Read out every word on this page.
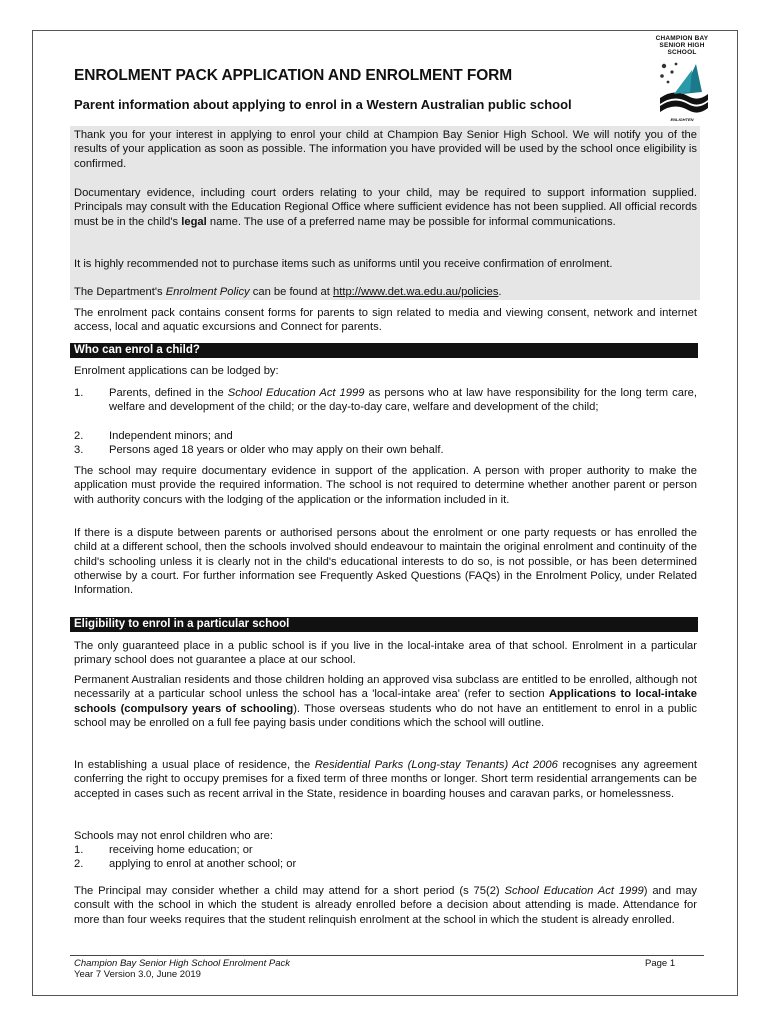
CHAMPION BAY
SENIOR HIGH SCHOOL
ENLIGHTEN
ENROLMENT PACK APPLICATION AND ENROLMENT FORM
Parent information about applying to enrol in a Western Australian public school

Thank you for your interest in applying to enrol your child at Champion Bay Senior High School. We will notify you of the results of your application as soon as possible. The information you have provided will be used by the school once eligibility is confirmed.

Documentary evidence, including court orders relating to your child, may be required to support information supplied. Principals may consult with the Education Regional Office where sufficient evidence has not been supplied. All official records must be in the child's legal name. The use of a preferred name may be possible for informal communications.

It is highly recommended not to purchase items such as uniforms until you receive confirmation of enrolment.

The Department's Enrolment Policy can be found at http://www.det.wa.edu.au/policies.

The enrolment pack contains consent forms for parents to sign related to media and viewing consent, network and internet access, local and aquatic excursions and Connect for parents.

Who can enrol a child?

Enrolment applications can be lodged by:

1. Parents, defined in the School Education Act 1999 as persons who at law have responsibility for the long term care, welfare and development of the child; or the day-to-day care, welfare and development of the child;
2. Independent minors; and
3. Persons aged 18 years or older who may apply on their own behalf.

The school may require documentary evidence in support of the application. A person with proper authority to make the application must provide the required information. The school is not required to determine whether another parent or person with authority concurs with the lodging of the application or the information included in it.

If there is a dispute between parents or authorised persons about the enrolment or one party requests or has enrolled the child at a different school, then the schools involved should endeavour to maintain the original enrolment and continuity of the child's schooling unless it is clearly not in the child's educational interests to do so, is not possible, or has been determined otherwise by a court. For further information see Frequently Asked Questions (FAQs) in the Enrolment Policy, under Related Information.

Eligibility to enrol in a particular school

The only guaranteed place in a public school is if you live in the local-intake area of that school. Enrolment in a particular primary school does not guarantee a place at our school.

Permanent Australian residents and those children holding an approved visa subclass are entitled to be enrolled, although not necessarily at a particular school unless the school has a 'local-intake area' (refer to section Applications to local-intake schools (compulsory years of schooling). Those overseas students who do not have an entitlement to enrol in a public school may be enrolled on a full fee paying basis under conditions which the school will outline.

In establishing a usual place of residence, the Residential Parks (Long-stay Tenants) Act 2006 recognises any agreement conferring the right to occupy premises for a fixed term of three months or longer. Short term residential arrangements can be accepted in cases such as recent arrival in the State, residence in boarding houses and caravan parks, or homelessness.

Schools may not enrol children who are:

1. receiving home education; or
2. applying to enrol at another school; or

The Principal may consider whether a child may attend for a short period (s 75(2) School Education Act 1999) and may consult with the school in which the student is already enrolled before a decision about attending is made. Attendance for more than four weeks requires that the student relinquish enrolment at the school in which the student is already enrolled.

Champion Bay Senior High School Enrolment Pack
Year 7 Version 3.0, June 2019
Page 1
